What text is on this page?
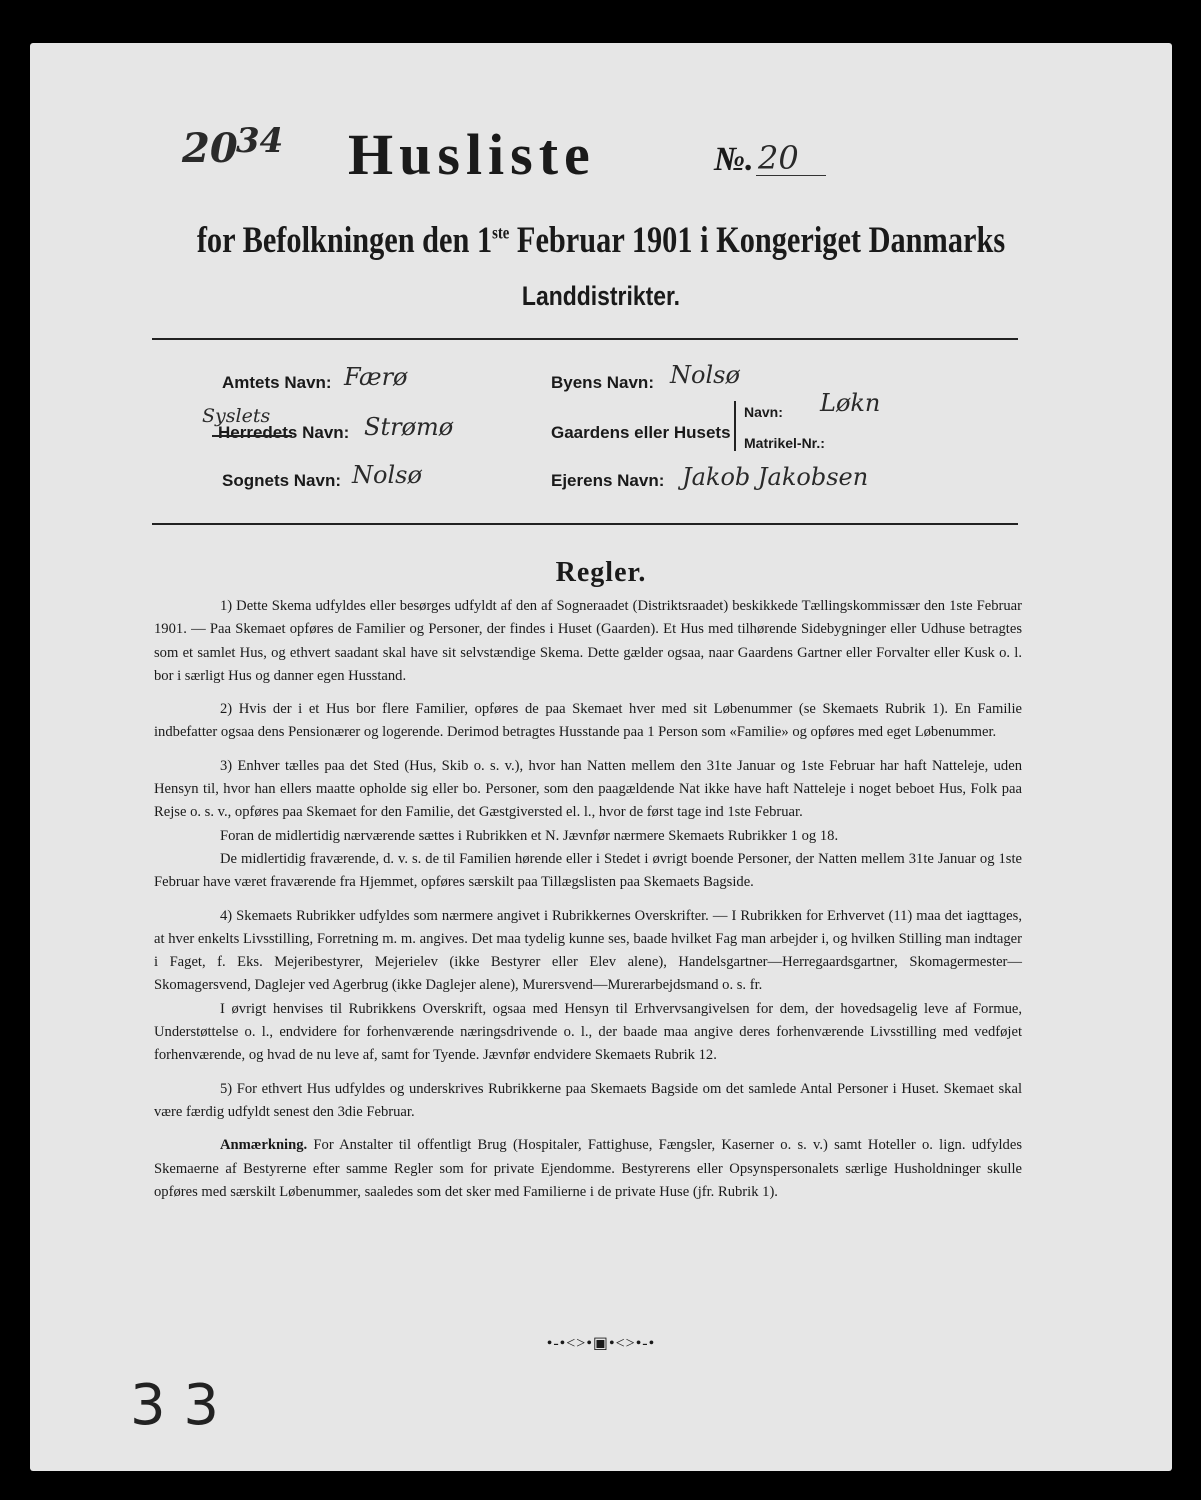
20
34 Husliste	№. 20
for Befolkningen den 1ste Februar 1901 i Kongeriget Danmarks
Landdistrikter.
Amtets Navn: Færø
Syslets
Herredets Navn: Strømø
Sognets Navn: Nolsø
Byens Navn: Nolsø
Gaardens eller Husets
Navn: Løkn
Matrikel-Nr.:
Ejerens Navn: Jakob Jakobsen
Regler.

1) Dette Skema udfyldes eller besørges udfyldt af den af Sogneraadet (Distriktsraadet) beskikkede Tællingskommissær den 1ste Februar 1901. — Paa Skemaet opføres de Familier og Personer, der findes i Huset (Gaarden). Et Hus med tilhørende Sidebygninger eller Udhuse betragtes som et samlet Hus, og ethvert saadant skal have sit selvstændige Skema. Dette gælder ogsaa, naar Gaardens Gartner eller Forvalter eller Kusk o. l. bor i særligt Hus og danner egen Husstand.

2) Hvis der i et Hus bor flere Familier, opføres de paa Skemaet hver med sit Løbenummer (se Skemaets Rubrik 1). En Familie indbefatter ogsaa dens Pensionærer og logerende. Derimod betragtes Husstande paa 1 Person som «Familie» og opføres med eget Løbenummer.

3) Enhver tælles paa det Sted (Hus, Skib o. s. v.), hvor han Natten mellem den 31te Januar og 1ste Februar har haft Natteleje, uden Hensyn til, hvor han ellers maatte opholde sig eller bo. Personer, som den paagældende Nat ikke have haft Natteleje i noget beboet Hus, Folk paa Rejse o. s. v., opføres paa Skemaet for den Familie, det Gæstgiversted el. l., hvor de først tage ind 1ste Februar.

Foran de midlertidig nærværende sættes i Rubrikken et N. Jævnfør nærmere Skemaets Rubrikker 1 og 18.

De midlertidig fraværende, d. v. s. de til Familien hørende eller i Stedet i øvrigt boende Personer, der Natten mellem 31te Januar og 1ste Februar have været fraværende fra Hjemmet, opføres særskilt paa Tillægslisten paa Skemaets Bagside.

4) Skemaets Rubrikker udfyldes som nærmere angivet i Rubrikkernes Overskrifter. — I Rubrikken for Erhvervet (11) maa det iagttages, at hver enkelts Livsstilling, Forretning m. m. angives. Det maa tydelig kunne ses, baade hvilket Fag man arbejder i, og hvilken Stilling man indtager i Faget, f. Eks. Mejeribestyrer, Mejerielev (ikke Bestyrer eller Elev alene), Handelsgartner—Herregaardsgartner, Skomagermester—Skomagersvend, Daglejer ved Agerbrug (ikke Daglejer alene), Murersvend—Murerarbejdsmand o. s. fr.

I øvrigt henvises til Rubrikkens Overskrift, ogsaa med Hensyn til Erhvervsangivelsen for dem, der hovedsagelig leve af Formue, Understøttelse o. l., endvidere for forhenværende næringsdrivende o. l., der baade maa angive deres forhenværende Livsstilling med vedføjet forhenværende, og hvad de nu leve af, samt for Tyende. Jævnfør endvidere Skemaets Rubrik 12.

5) For ethvert Hus udfyldes og underskrives Rubrikkerne paa Skemaets Bagside om det samlede Antal Personer i Huset. Skemaet skal være færdig udfyldt senest den 3die Februar.

Anmærkning. For Anstalter til offentligt Brug (Hospitaler, Fattighuse, Fængsler, Kaserner o. s. v.) samt Hoteller o. lign. udfyldes Skemaerne af Bestyrerne efter samme Regler som for private Ejendomme. Bestyrerens eller Opsynspersonalets særlige Husholdninger skulle opføres med særskilt Løbenummer, saaledes som det sker med Familierne i de private Huse (jfr. Rubrik 1).

•-•<>•▣•<>•-•
3 3
